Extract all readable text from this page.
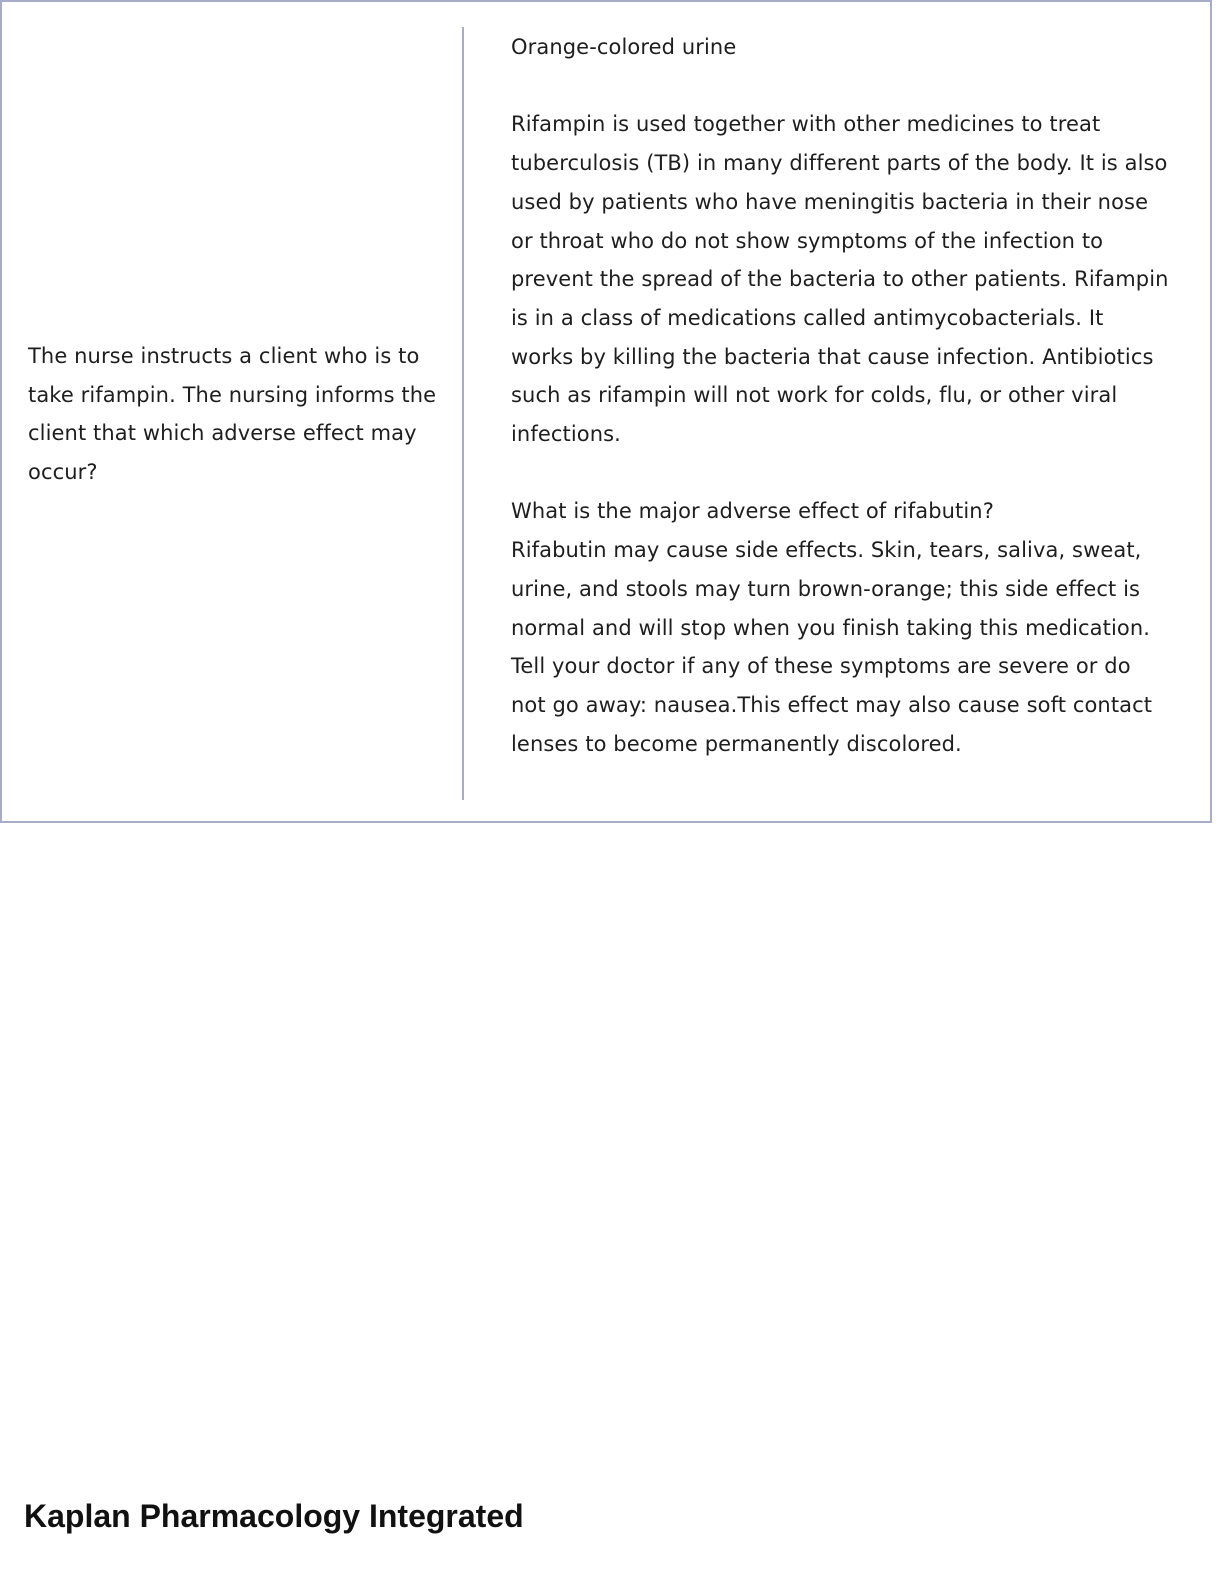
The nurse instructs a client who is to take rifampin. The nursing informs the client that which adverse effect may occur?

Orange-colored urine

Rifampin is used together with other medicines to treat tuberculosis (TB) in many different parts of the body. It is also used by patients who have meningitis bacteria in their nose or throat who do not show symptoms of the infection to prevent the spread of the bacteria to other patients. Rifampin is in a class of medications called antimycobacterials. It works by killing the bacteria that cause infection. Antibiotics such as rifampin will not work for colds, flu, or other viral infections.

What is the major adverse effect of rifabutin?

Rifabutin may cause side effects. Skin, tears, saliva, sweat, urine, and stools may turn brown-orange; this side effect is normal and will stop when you finish taking this medication. Tell your doctor if any of these symptoms are severe or do not go away: nausea.This effect may also cause soft contact lenses to become permanently discolored.

Kaplan Pharmacology Integrated
